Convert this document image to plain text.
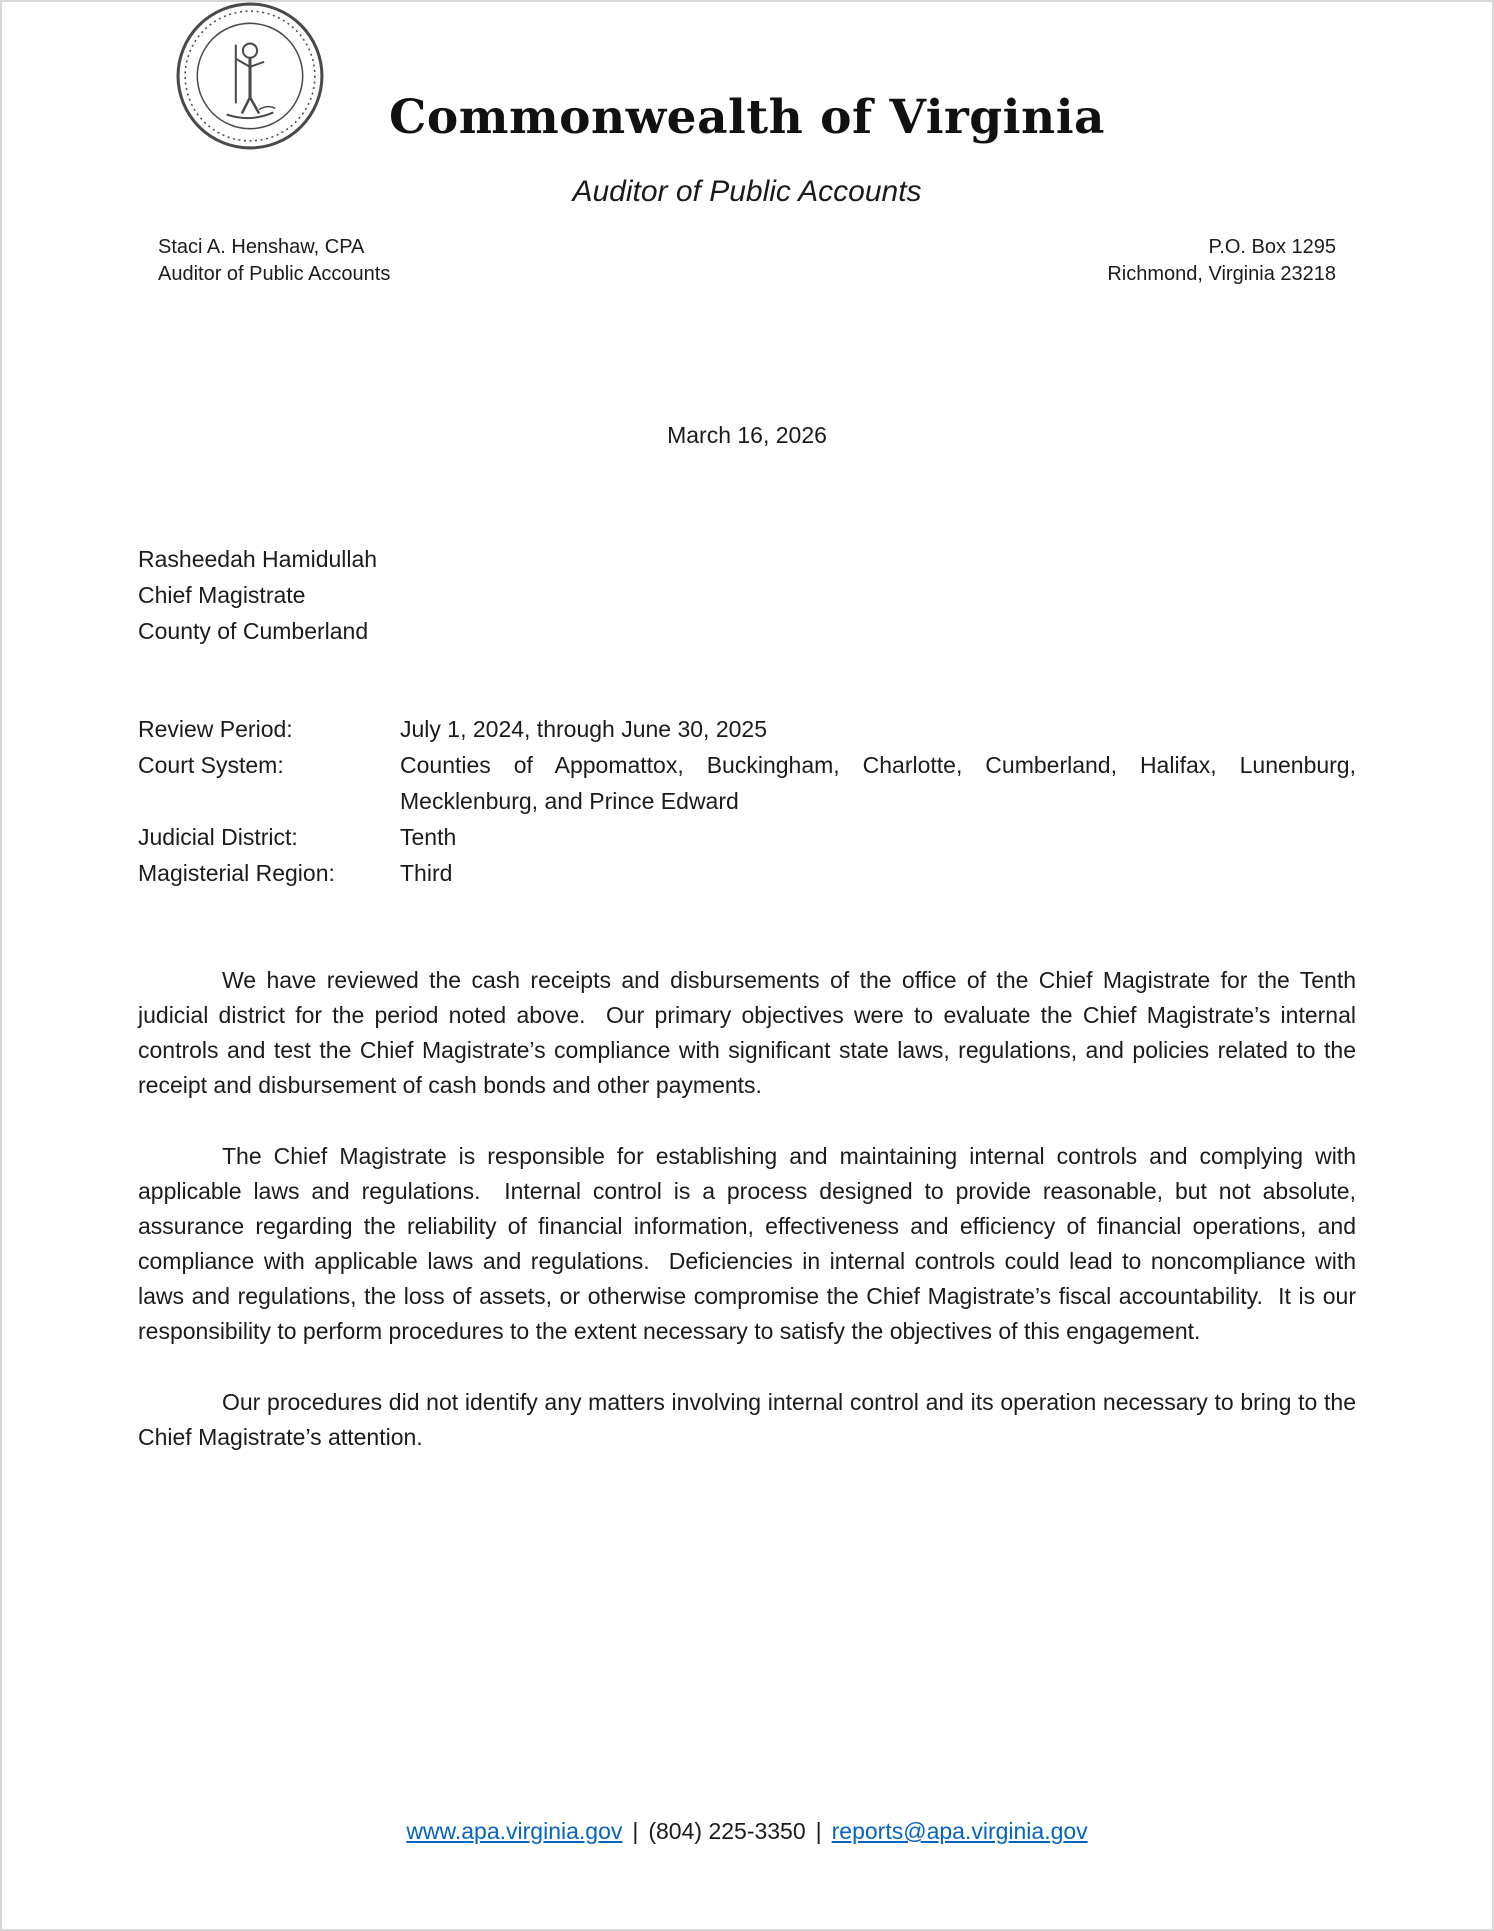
Commonwealth of Virginia
Auditor of Public Accounts
Staci A. Henshaw, CPA
Auditor of Public Accounts
P.O. Box 1295
Richmond, Virginia 23218
March 16, 2026
Rasheedah Hamidullah
Chief Magistrate
County of Cumberland
Review Period:	July 1, 2024, through June 30, 2025
Court System:	Counties of Appomattox, Buckingham, Charlotte, Cumberland, Halifax, Lunenburg, Mecklenburg, and Prince Edward
Judicial District:	Tenth
Magisterial Region:	Third

We have reviewed the cash receipts and disbursements of the office of the Chief Magistrate for the Tenth judicial district for the period noted above.  Our primary objectives were to evaluate the Chief Magistrate’s internal controls and test the Chief Magistrate’s compliance with significant state laws, regulations, and policies related to the receipt and disbursement of cash bonds and other payments.

The Chief Magistrate is responsible for establishing and maintaining internal controls and complying with applicable laws and regulations.  Internal control is a process designed to provide reasonable, but not absolute, assurance regarding the reliability of financial information, effectiveness and efficiency of financial operations, and compliance with applicable laws and regulations.  Deficiencies in internal controls could lead to noncompliance with laws and regulations, the loss of assets, or otherwise compromise the Chief Magistrate’s fiscal accountability.  It is our responsibility to perform procedures to the extent necessary to satisfy the objectives of this engagement.

Our procedures did not identify any matters involving internal control and its operation necessary to bring to the Chief Magistrate’s attention.

www.apa.virginia.gov | (804) 225-3350 | reports@apa.virginia.gov
